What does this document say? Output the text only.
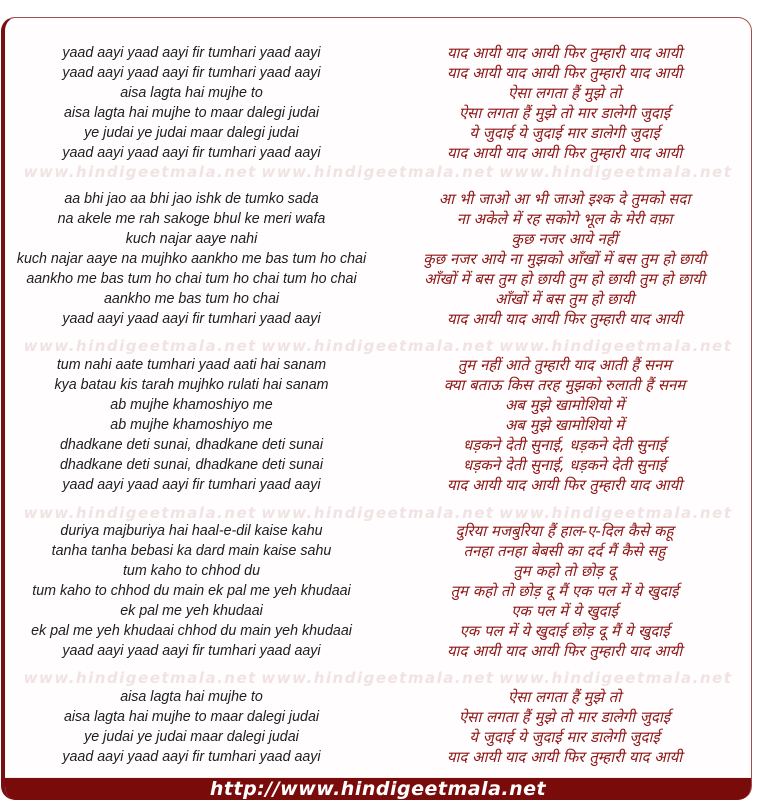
www.hindigeetmala.net www.hindigeetmala.net www.hindigeetmala.net
www.hindigeetmala.net www.hindigeetmala.net www.hindigeetmala.net
www.hindigeetmala.net www.hindigeetmala.net www.hindigeetmala.net
www.hindigeetmala.net www.hindigeetmala.net www.hindigeetmala.net
yaad aayi yaad aayi fir tumhari yaad aayi
yaad aayi yaad aayi fir tumhari yaad aayi
aisa lagta hai mujhe to
aisa lagta hai mujhe to maar dalegi judai
ye judai ye judai maar dalegi judai
yaad aayi yaad aayi fir tumhari yaad aayi
aa bhi jao aa bhi jao ishk de tumko sada
na akele me rah sakoge bhul ke meri wafa
kuch najar aaye nahi
kuch najar aaye na mujhko aankho me bas tum ho chai
aankho me bas tum ho chai tum ho chai tum ho chai
aankho me bas tum ho chai
yaad aayi yaad aayi fir tumhari yaad aayi
tum nahi aate tumhari yaad aati hai sanam
kya batau kis tarah mujhko rulati hai sanam
ab mujhe khamoshiyo me
ab mujhe khamoshiyo me
dhadkane deti sunai, dhadkane deti sunai
dhadkane deti sunai, dhadkane deti sunai
yaad aayi yaad aayi fir tumhari yaad aayi
duriya majburiya hai haal-e-dil kaise kahu
tanha tanha bebasi ka dard main kaise sahu
tum kaho to chhod du
tum kaho to chhod du main ek pal me yeh khudaai
ek pal me yeh khudaai
ek pal me yeh khudaai chhod du main yeh khudaai
yaad aayi yaad aayi fir tumhari yaad aayi
aisa lagta hai mujhe to
aisa lagta hai mujhe to maar dalegi judai
ye judai ye judai maar dalegi judai
yaad aayi yaad aayi fir tumhari yaad aayi
याद आयी याद आयी फिर तुम्हारी याद आयी
याद आयी याद आयी फिर तुम्हारी याद आयी
ऐसा लगता हैं मुझे तो
ऐसा लगता हैं मुझे तो मार डालेगी जुदाई
ये जुदाई ये जुदाई मार डालेगी जुदाई
याद आयी याद आयी फिर तुम्हारी याद आयी
आ भी जाओ आ भी जाओ इश्क दे तुमको सदा
ना अकेले में रह सकोगे भूल के मेरी वफ़ा
कुछ नजर आये नहीं
कुछ नजर आये ना मुझको आँखों में बस तुम हो छायी
आँखों में बस तुम हो छायी तुम हो छायी तुम हो छायी
आँखों में बस तुम हो छायी
याद आयी याद आयी फिर तुम्हारी याद आयी
तुम नहीं आते तुम्हारी याद आती हैं सनम
क्या बताऊ किस तरह मुझको रुलाती हैं सनम
अब मुझे खामोशियो में
अब मुझे खामोशियो में
धड़कने देती सुनाई, धड़कने देती सुनाई
धड़कने देती सुनाई, धड़कने देती सुनाई
याद आयी याद आयी फिर तुम्हारी याद आयी
दुरिया मजबुरिया हैं हाल-ए-दिल कैसे कहू
तनहा तनहा बेबसी का दर्द मैं कैसे सहु
तुम कहो तो छोड़ दू
तुम कहो तो छोड़ दू मैं एक पल में ये खुदाई
एक पल में ये खुदाई
एक पल में ये खुदाई छोड़ दू मैं ये खुदाई
याद आयी याद आयी फिर तुम्हारी याद आयी
ऐसा लगता हैं मुझे तो
ऐसा लगता हैं मुझे तो मार डालेगी जुदाई
ये जुदाई ये जुदाई मार डालेगी जुदाई
याद आयी याद आयी फिर तुम्हारी याद आयी
http://www.hindigeetmala.net
